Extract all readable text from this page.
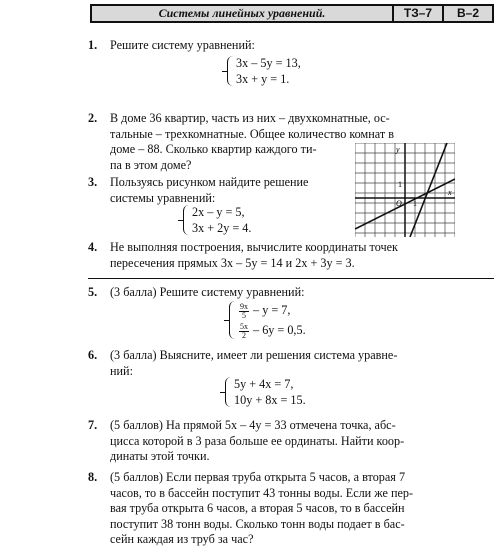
Системы линейных уравнений.	ТЗ–7	В–2
1. Решите систему уравнений:
3x – 5y = 13,
3x + y = 1.
2. В доме 36 квартир, часть из них – двухкомнатные, ос-
тальные – трехкомнатные. Общее количество комнат в
доме – 88. Сколько квартир каждого ти-
па в этом доме?
3. Пользуясь рисунком найдите решение
системы уравнений:
2x – y = 5,
3x + 2y = 4.
y
x
O 1
1
4. Не выполняя построения, вычислите координаты точек
пересечения прямых 3x – 5y = 14 и 2x + 3y = 3.
5. (3 балла) Решите систему уравнений:
$\frac{9x}{5} - y = 7$,
$\frac{5x}{2} - 6y = 0,5$.
6. (3 балла) Выясните, имеет ли решения система уравне-
ний:
5y + 4x = 7,
10y + 8x = 15.
7. (5 баллов) На прямой 5x – 4y = 33 отмечена точка, абс-
цисса которой в 3 раза больше ее ординаты. Найти коор-
динаты этой точки.
8. (5 баллов) Если первая труба открыта 5 часов, а вторая 7
часов, то в бассейн поступит 43 тонны воды. Если же пер-
вая труба открыта 6 часов, а вторая 5 часов, то в бассейн
поступит 38 тонн воды. Сколько тонн воды подает в бас-
сейн каждая из труб за час?
